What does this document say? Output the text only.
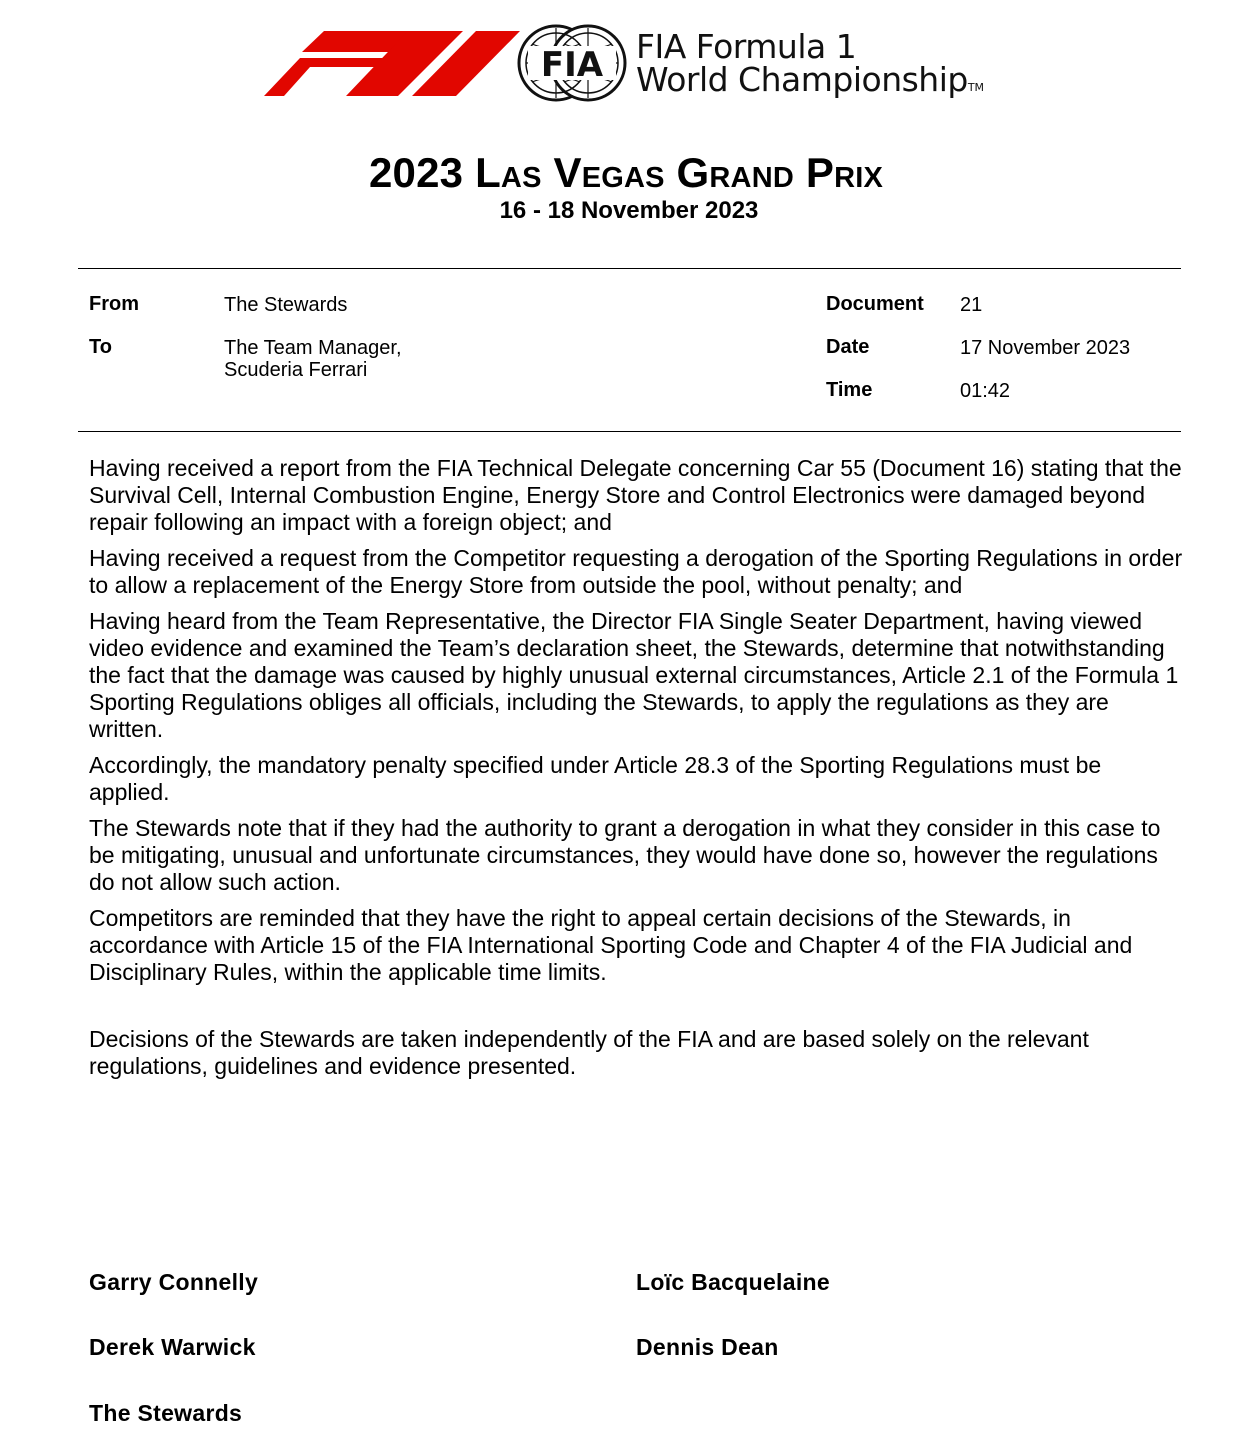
FIA FIA Formula 1
World ChampionshipTM
2023 Las Vegas Grand Prix
16 - 18 November 2023
From	The Stewards
To	The Team Manager,
Scuderia Ferrari
Document 21
Date	17 November 2023
Time	01:42

Having received a report from the FIA Technical Delegate concerning Car 55 (Document 16) stating that the Survival Cell, Internal Combustion Engine, Energy Store and Control Electronics were damaged beyond repair following an impact with a foreign object; and

Having received a request from the Competitor requesting a derogation of the Sporting Regulations in order to allow a replacement of the Energy Store from outside the pool, without penalty; and

Having heard from the Team Representative, the Director FIA Single Seater Department, having viewed video evidence and examined the Team’s declaration sheet, the Stewards, determine that notwithstanding the fact that the damage was caused by highly unusual external circumstances, Article 2.1 of the Formula 1 Sporting Regulations obliges all officials, including the Stewards, to apply the regulations as they are written.

Accordingly, the mandatory penalty specified under Article 28.3 of the Sporting Regulations must be applied.

The Stewards note that if they had the authority to grant a derogation in what they consider in this case to be mitigating, unusual and unfortunate circumstances, they would have done so, however the regulations do not allow such action.

Competitors are reminded that they have the right to appeal certain decisions of the Stewards, in accordance with Article 15 of the FIA International Sporting Code and Chapter 4 of the FIA Judicial and Disciplinary Rules, within the applicable time limits.

Decisions of the Stewards are taken independently of the FIA and are based solely on the relevant regulations, guidelines and evidence presented.

Garry Connelly	Loïc Bacquelaine
Derek Warwick	Dennis Dean
The Stewards
